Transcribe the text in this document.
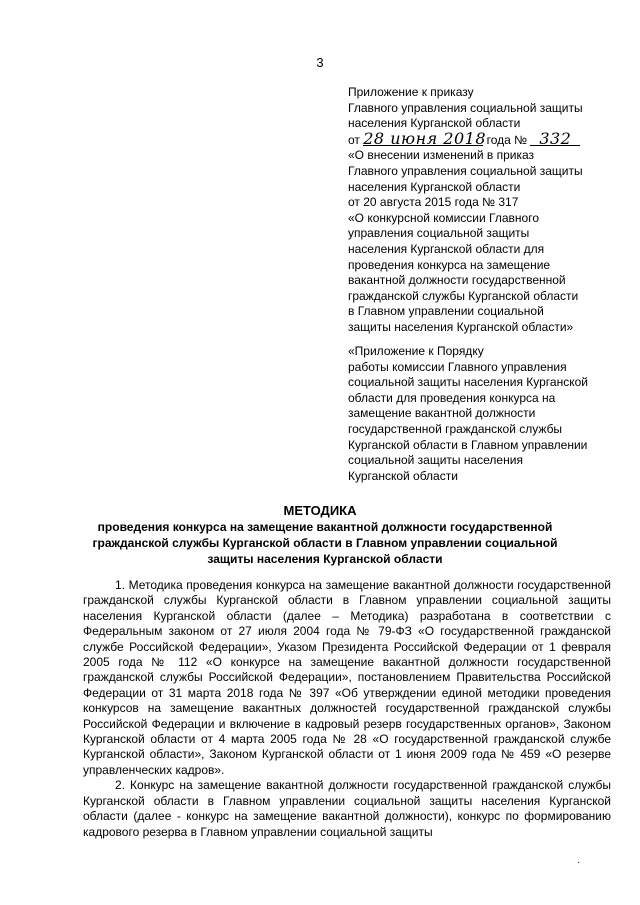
3
Приложение к приказу
Главного управления социальной защиты
населения Курганской области
от 28 июня 2018 года № 332
«О внесении изменений в приказ
Главного управления социальной защиты
населения Курганской области
от 20 августа 2015 года № 317
«О конкурсной комиссии Главного
управления социальной защиты
населения Курганской области для
проведения конкурса на замещение
вакантной должности государственной
гражданской службы Курганской области
в Главном управлении социальной
защиты населения Курганской области»
«Приложение к Порядку
работы комиссии Главного управления
социальной защиты населения Курганской
области для проведения конкурса на
замещение вакантной должности
государственной гражданской службы
Курганской области в Главном управлении
социальной защиты населения
Курганской области
МЕТОДИКА
проведения конкурса на замещение вакантной должности государственной гражданской службы Курганской области в Главном управлении социальной защиты населения Курганской области

1. Методика проведения конкурса на замещение вакантной должности государственной гражданской службы Курганской области в Главном управлении социальной защиты населения Курганской области (далее – Методика) разработана в соответствии с Федеральным законом от 27 июля 2004 года № 79-ФЗ «О государственной гражданской службе Российской Федерации», Указом Президента Российской Федерации от 1 февраля 2005 года № 112 «О конкурсе на замещение вакантной должности государственной гражданской службы Российской Федерации», постановлением Правительства Российской Федерации от 31 марта 2018 года № 397 «Об утверждении единой методики проведения конкурсов на замещение вакантных должностей государственной гражданской службы Российской Федерации и включение в кадровый резерв государственных органов», Законом Курганской области от 4 марта 2005 года № 28 «О государственной гражданской службе Курганской области», Законом Курганской области от 1 июня 2009 года № 459 «О резерве управленческих кадров».

2. Конкурс на замещение вакантной должности государственной гражданской службы Курганской области в Главном управлении социальной защиты населения Курганской области (далее - конкурс на замещение вакантной должности), конкурс по формированию кадрового резерва в Главном управлении социальной защиты

·
